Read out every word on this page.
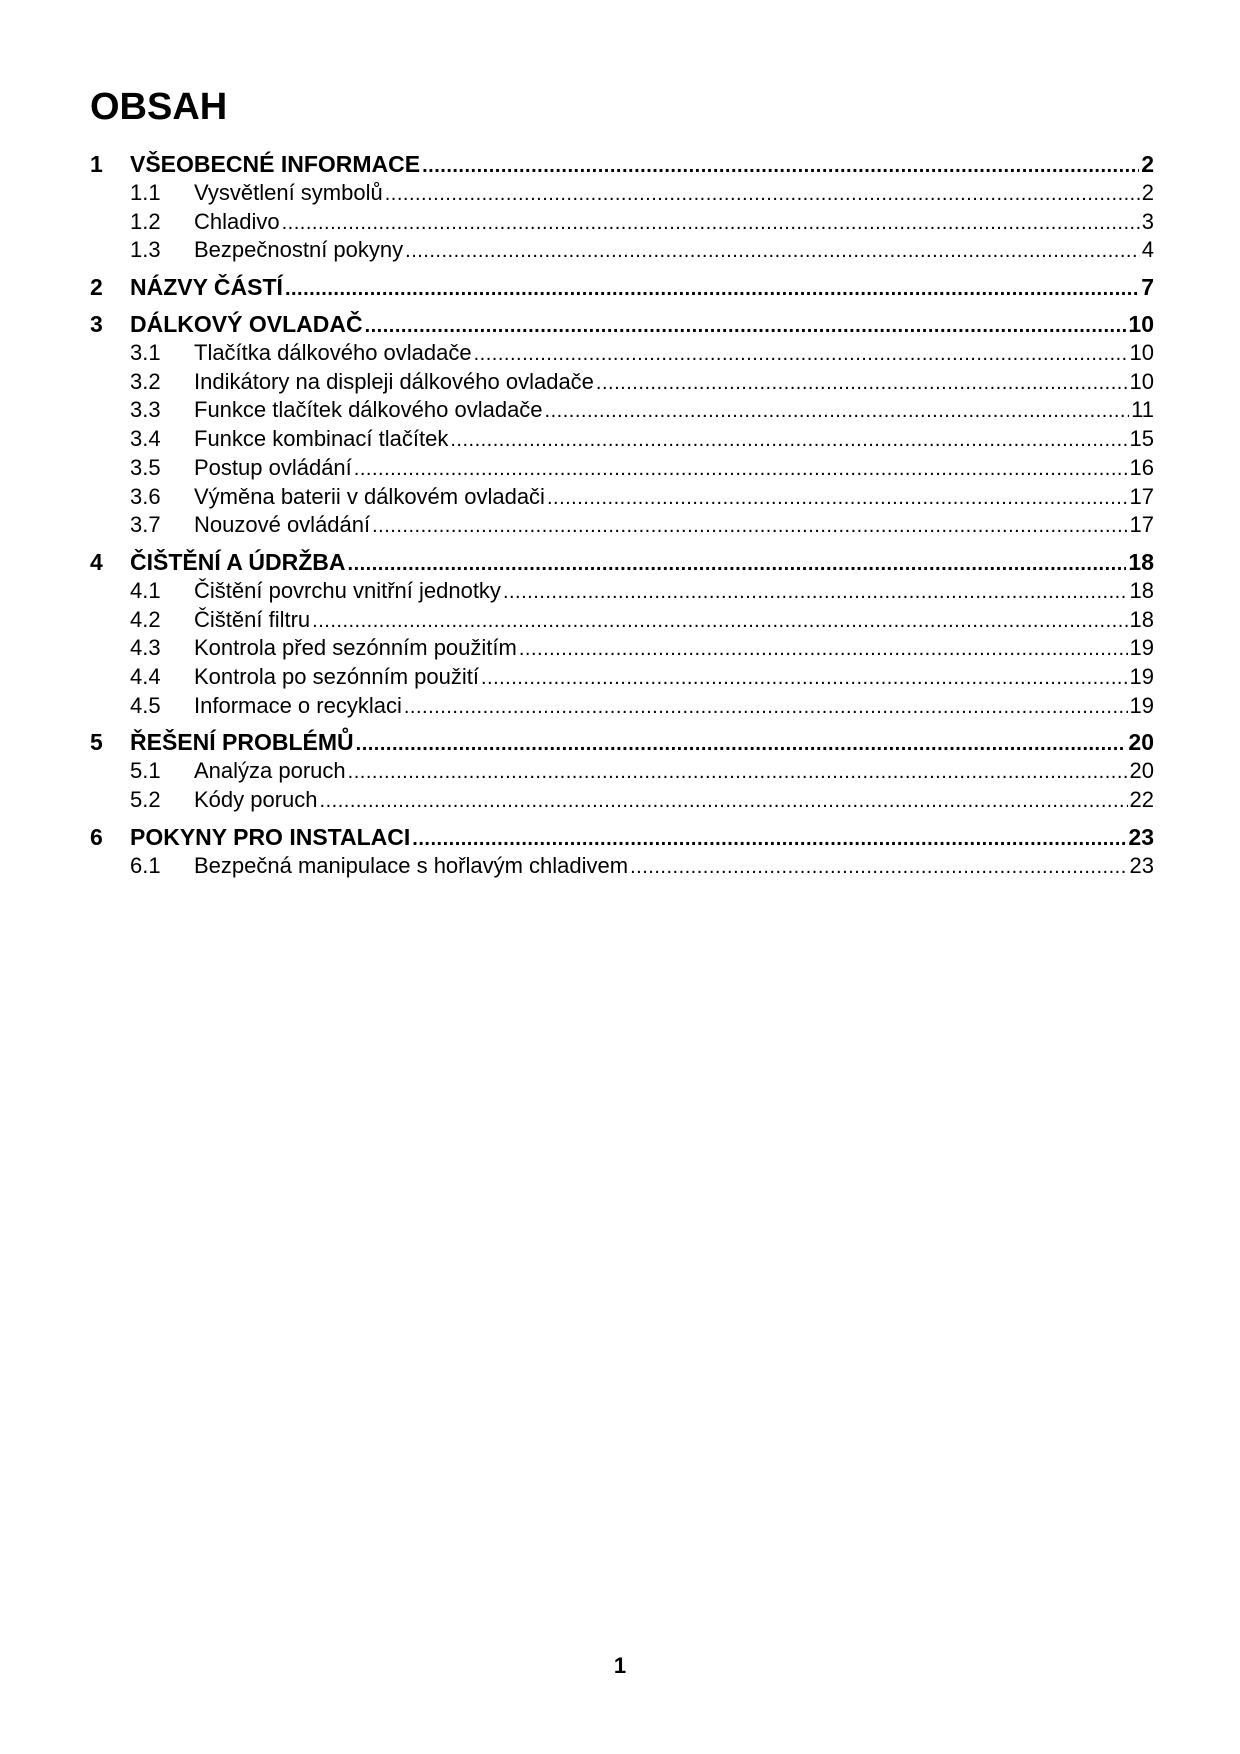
OBSAH
1	VŠEOBECNÉ INFORMACE .....	2
1.1	Vysvětlení symbolů .....	2
1.2	Chladivo .....	3
1.3	Bezpečnostní pokyny .....	4
2	NÁZVY ČÁSTÍ .....	7
3	DÁLKOVÝ OVLADAČ .....	10
3.1	Tlačítka dálkového ovladače .....	10
3.2	Indikátory na displeji dálkového ovladače .....	10
3.3	Funkce tlačítek dálkového ovladače .....	11
3.4	Funkce kombinací tlačítek .....	15
3.5	Postup ovládání .....	16
3.6	Výměna baterii v dálkovém ovladači .....	17
3.7	Nouzové ovládání .....	17
4	ČIŠTĚNÍ A ÚDRŽBA .....	18
4.1	Čištění povrchu vnitřní jednotky .....	18
4.2	Čištění filtru .....	18
4.3	Kontrola před sezónním použitím .....	19
4.4	Kontrola po sezónním použití .....	19
4.5	Informace o recyklaci .....	19
5	ŘEŠENÍ PROBLÉMŮ .....	20
5.1	Analýza poruch .....	20
5.2	Kódy poruch .....	22
6	POKYNY PRO INSTALACI .....	23
6.1	Bezpečná manipulace s hořlavým chladivem .....	23
1
